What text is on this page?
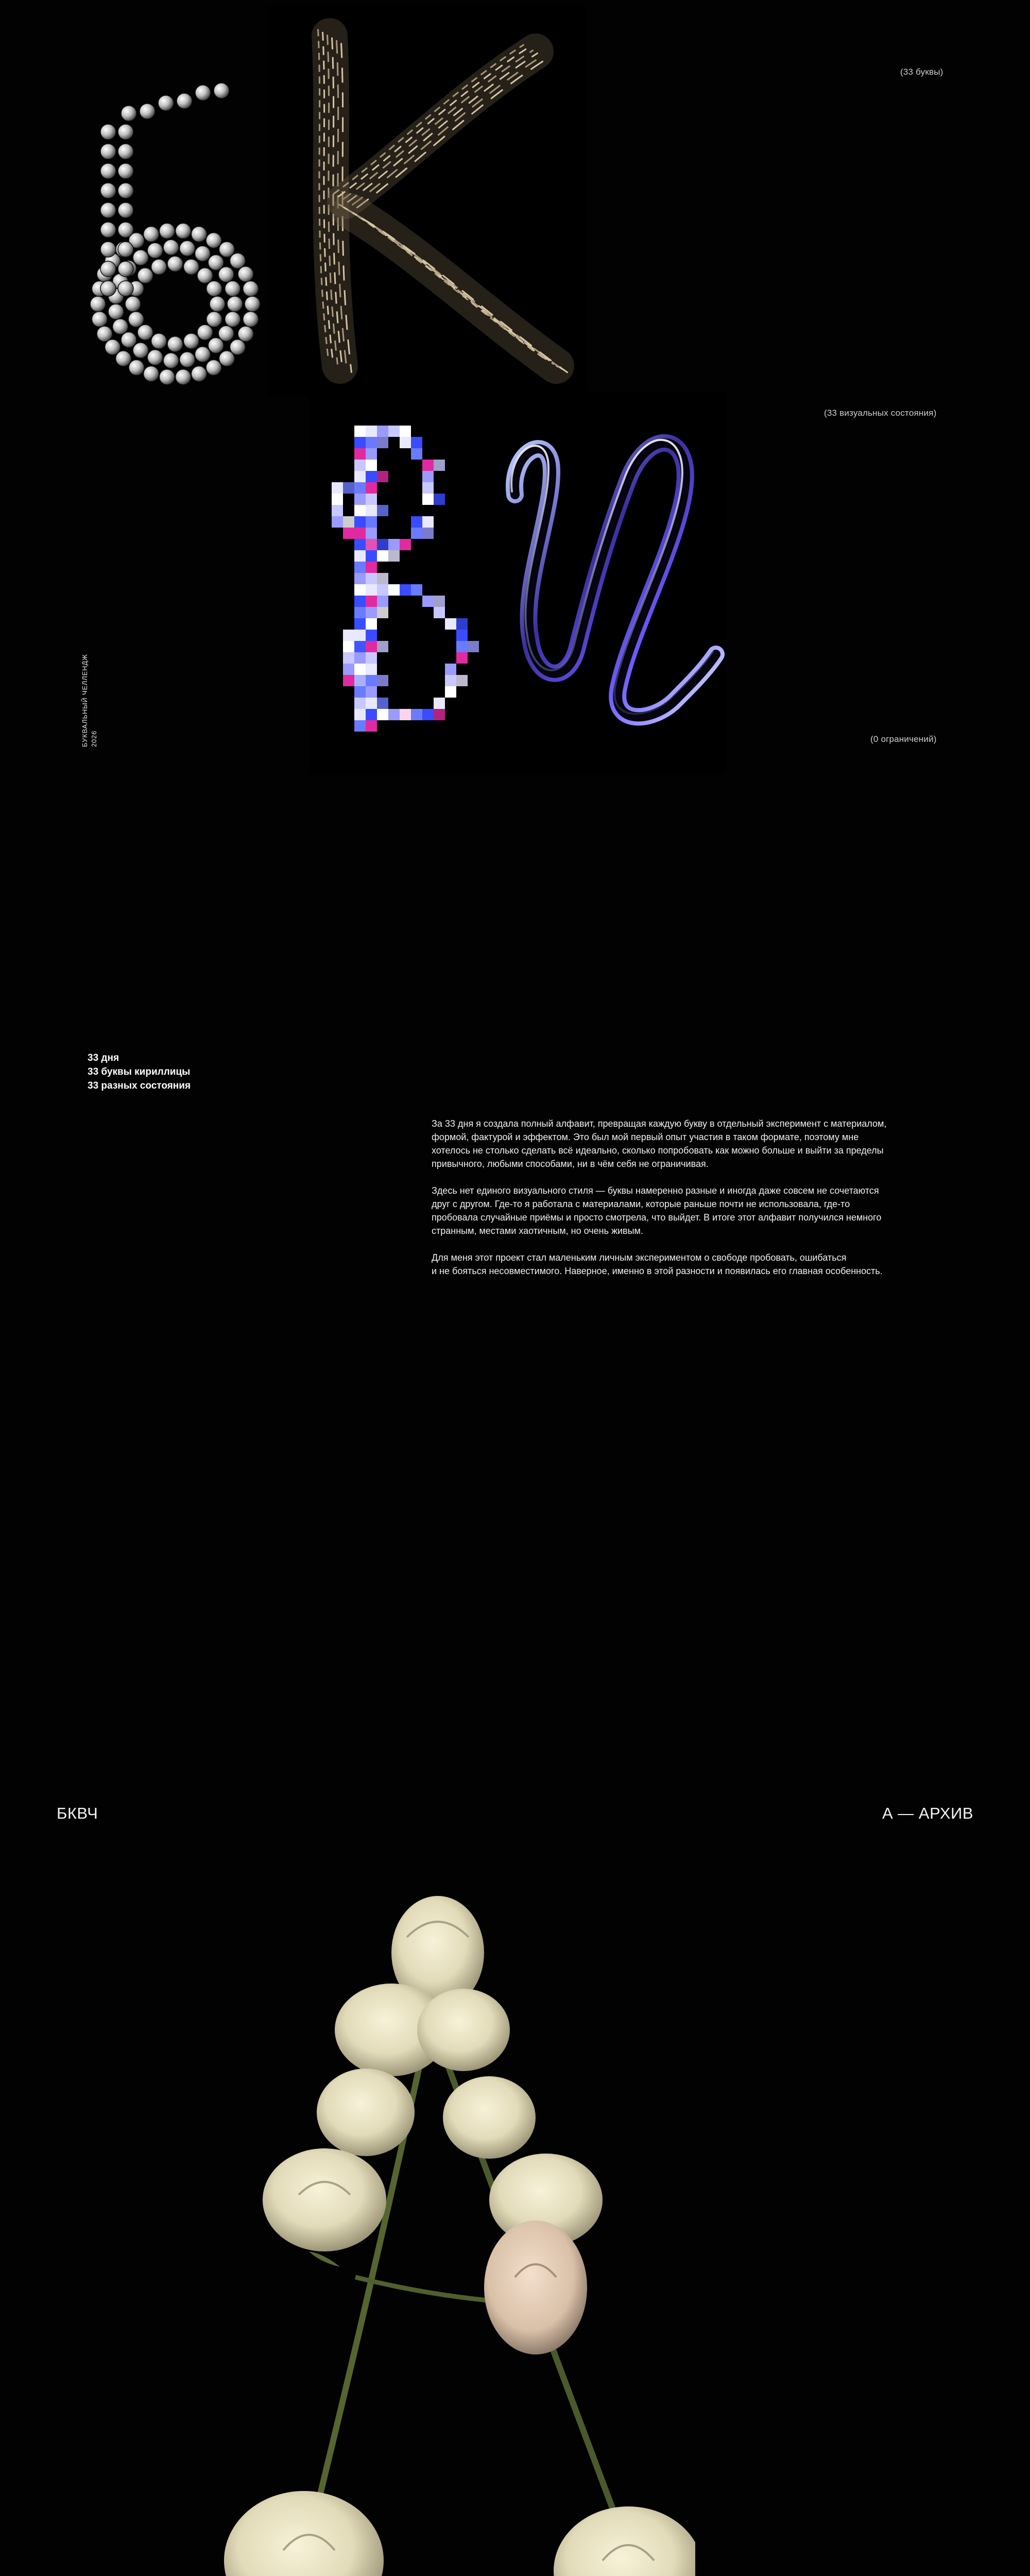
(33 буквы)
(33 визуальных состояния)
(0 ограничений)
БУКВАЛЬНЫЙ ЧЕЛЛЕНДЖ 2026
33 дня
33 буквы кириллицы
33 разных состояния

За 33 дня я создала полный алфавит, превращая каждую букву в отдельный эксперимент с материалом,
формой, фактурой и эффектом. Это был мой первый опыт участия в таком формате, поэтому мне
хотелось не столько сделать всё идеально, сколько попробовать как можно больше и выйти за пределы
привычного, любыми способами, ни в чём себя не ограничивая.

Здесь нет единого визуального стиля — буквы намеренно разные и иногда даже совсем не сочетаются
друг с другом. Где-то я работала с материалами, которые раньше почти не использовала, где-то
пробовала случайные приёмы и просто смотрела, что выйдет. В итоге этот алфавит получился немного
странным, местами хаотичным, но очень живым.

Для меня этот проект стал маленьким личным экспериментом о свободе пробовать, ошибаться
и не бояться несовместимого. Наверное, именно в этой разности и появилась его главная особенность.

БКВЧ	А — АРХИВ
